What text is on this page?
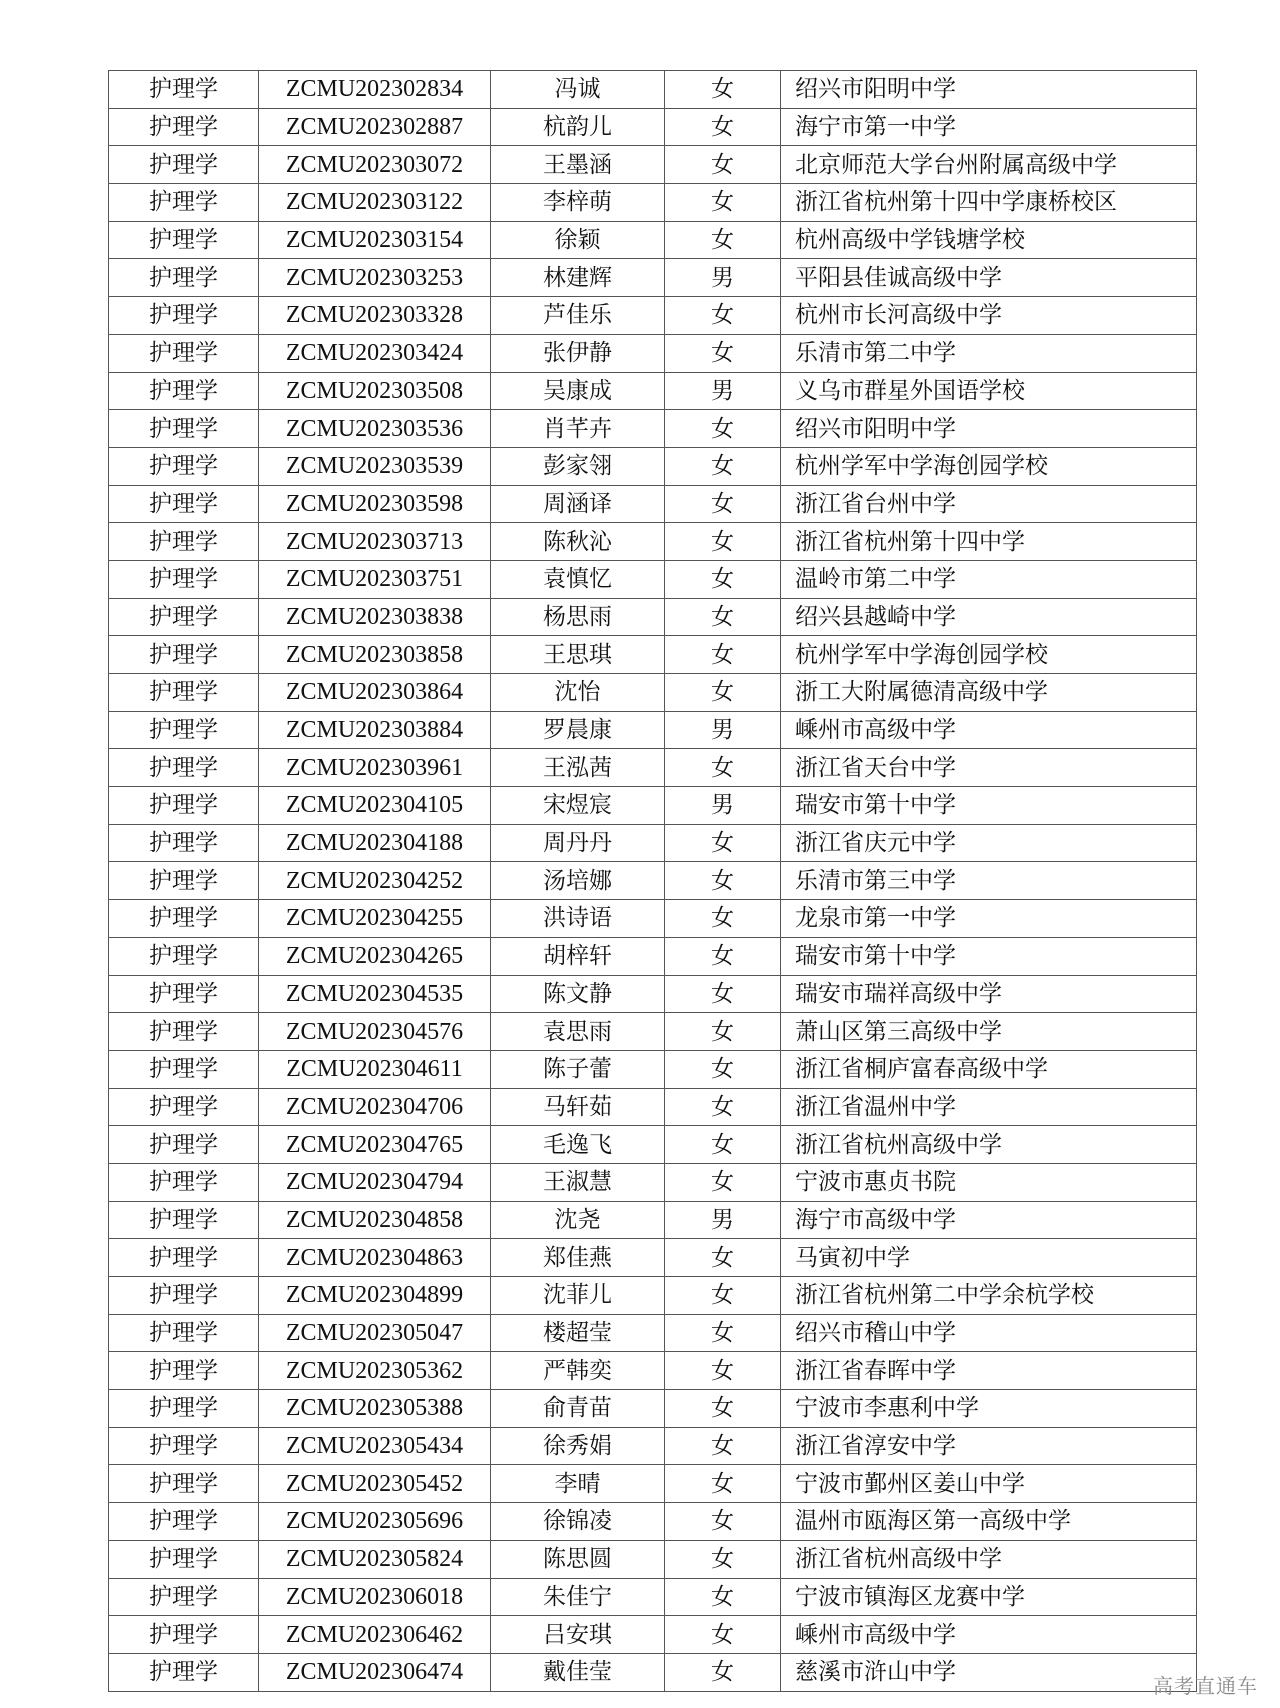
护理学	ZCMU202302834	冯诚	女	绍兴市阳明中学
护理学	ZCMU202302887	杭韵儿	女	海宁市第一中学
护理学	ZCMU202303072	王墨涵	女	北京师范大学台州附属高级中学
护理学	ZCMU202303122	李梓萌	女	浙江省杭州第十四中学康桥校区
护理学	ZCMU202303154	徐颖	女	杭州高级中学钱塘学校
护理学	ZCMU202303253	林建辉	男	平阳县佳诚高级中学
护理学	ZCMU202303328	芦佳乐	女	杭州市长河高级中学
护理学	ZCMU202303424	张伊静	女	乐清市第二中学
护理学	ZCMU202303508	吴康成	男	义乌市群星外国语学校
护理学	ZCMU202303536	肖芊卉	女	绍兴市阳明中学
护理学	ZCMU202303539	彭家翎	女	杭州学军中学海创园学校
护理学	ZCMU202303598	周涵译	女	浙江省台州中学
护理学	ZCMU202303713	陈秋沁	女	浙江省杭州第十四中学
护理学	ZCMU202303751	袁慎忆	女	温岭市第二中学
护理学	ZCMU202303838	杨思雨	女	绍兴县越崎中学
护理学	ZCMU202303858	王思琪	女	杭州学军中学海创园学校
护理学	ZCMU202303864	沈怡	女	浙工大附属德清高级中学
护理学	ZCMU202303884	罗晨康	男	嵊州市高级中学
护理学	ZCMU202303961	王泓茜	女	浙江省天台中学
护理学	ZCMU202304105	宋煜宸	男	瑞安市第十中学
护理学	ZCMU202304188	周丹丹	女	浙江省庆元中学
护理学	ZCMU202304252	汤培娜	女	乐清市第三中学
护理学	ZCMU202304255	洪诗语	女	龙泉市第一中学
护理学	ZCMU202304265	胡梓轩	女	瑞安市第十中学
护理学	ZCMU202304535	陈文静	女	瑞安市瑞祥高级中学
护理学	ZCMU202304576	袁思雨	女	萧山区第三高级中学
护理学	ZCMU202304611	陈子蕾	女	浙江省桐庐富春高级中学
护理学	ZCMU202304706	马轩茹	女	浙江省温州中学
护理学	ZCMU202304765	毛逸飞	女	浙江省杭州高级中学
护理学	ZCMU202304794	王淑慧	女	宁波市惠贞书院
护理学	ZCMU202304858	沈尧	男	海宁市高级中学
护理学	ZCMU202304863	郑佳燕	女	马寅初中学
护理学	ZCMU202304899	沈菲儿	女	浙江省杭州第二中学余杭学校
护理学	ZCMU202305047	楼超莹	女	绍兴市稽山中学
护理学	ZCMU202305362	严韩奕	女	浙江省春晖中学
护理学	ZCMU202305388	俞青苗	女	宁波市李惠利中学
护理学	ZCMU202305434	徐秀娟	女	浙江省淳安中学
护理学	ZCMU202305452	李晴	女	宁波市鄞州区姜山中学
护理学	ZCMU202305696	徐锦凌	女	温州市瓯海区第一高级中学
护理学	ZCMU202305824	陈思圆	女	浙江省杭州高级中学
护理学	ZCMU202306018	朱佳宁	女	宁波市镇海区龙赛中学
护理学	ZCMU202306462	吕安琪	女	嵊州市高级中学
护理学	ZCMU202306474	戴佳莹	女	慈溪市浒山中学
高考直通车
